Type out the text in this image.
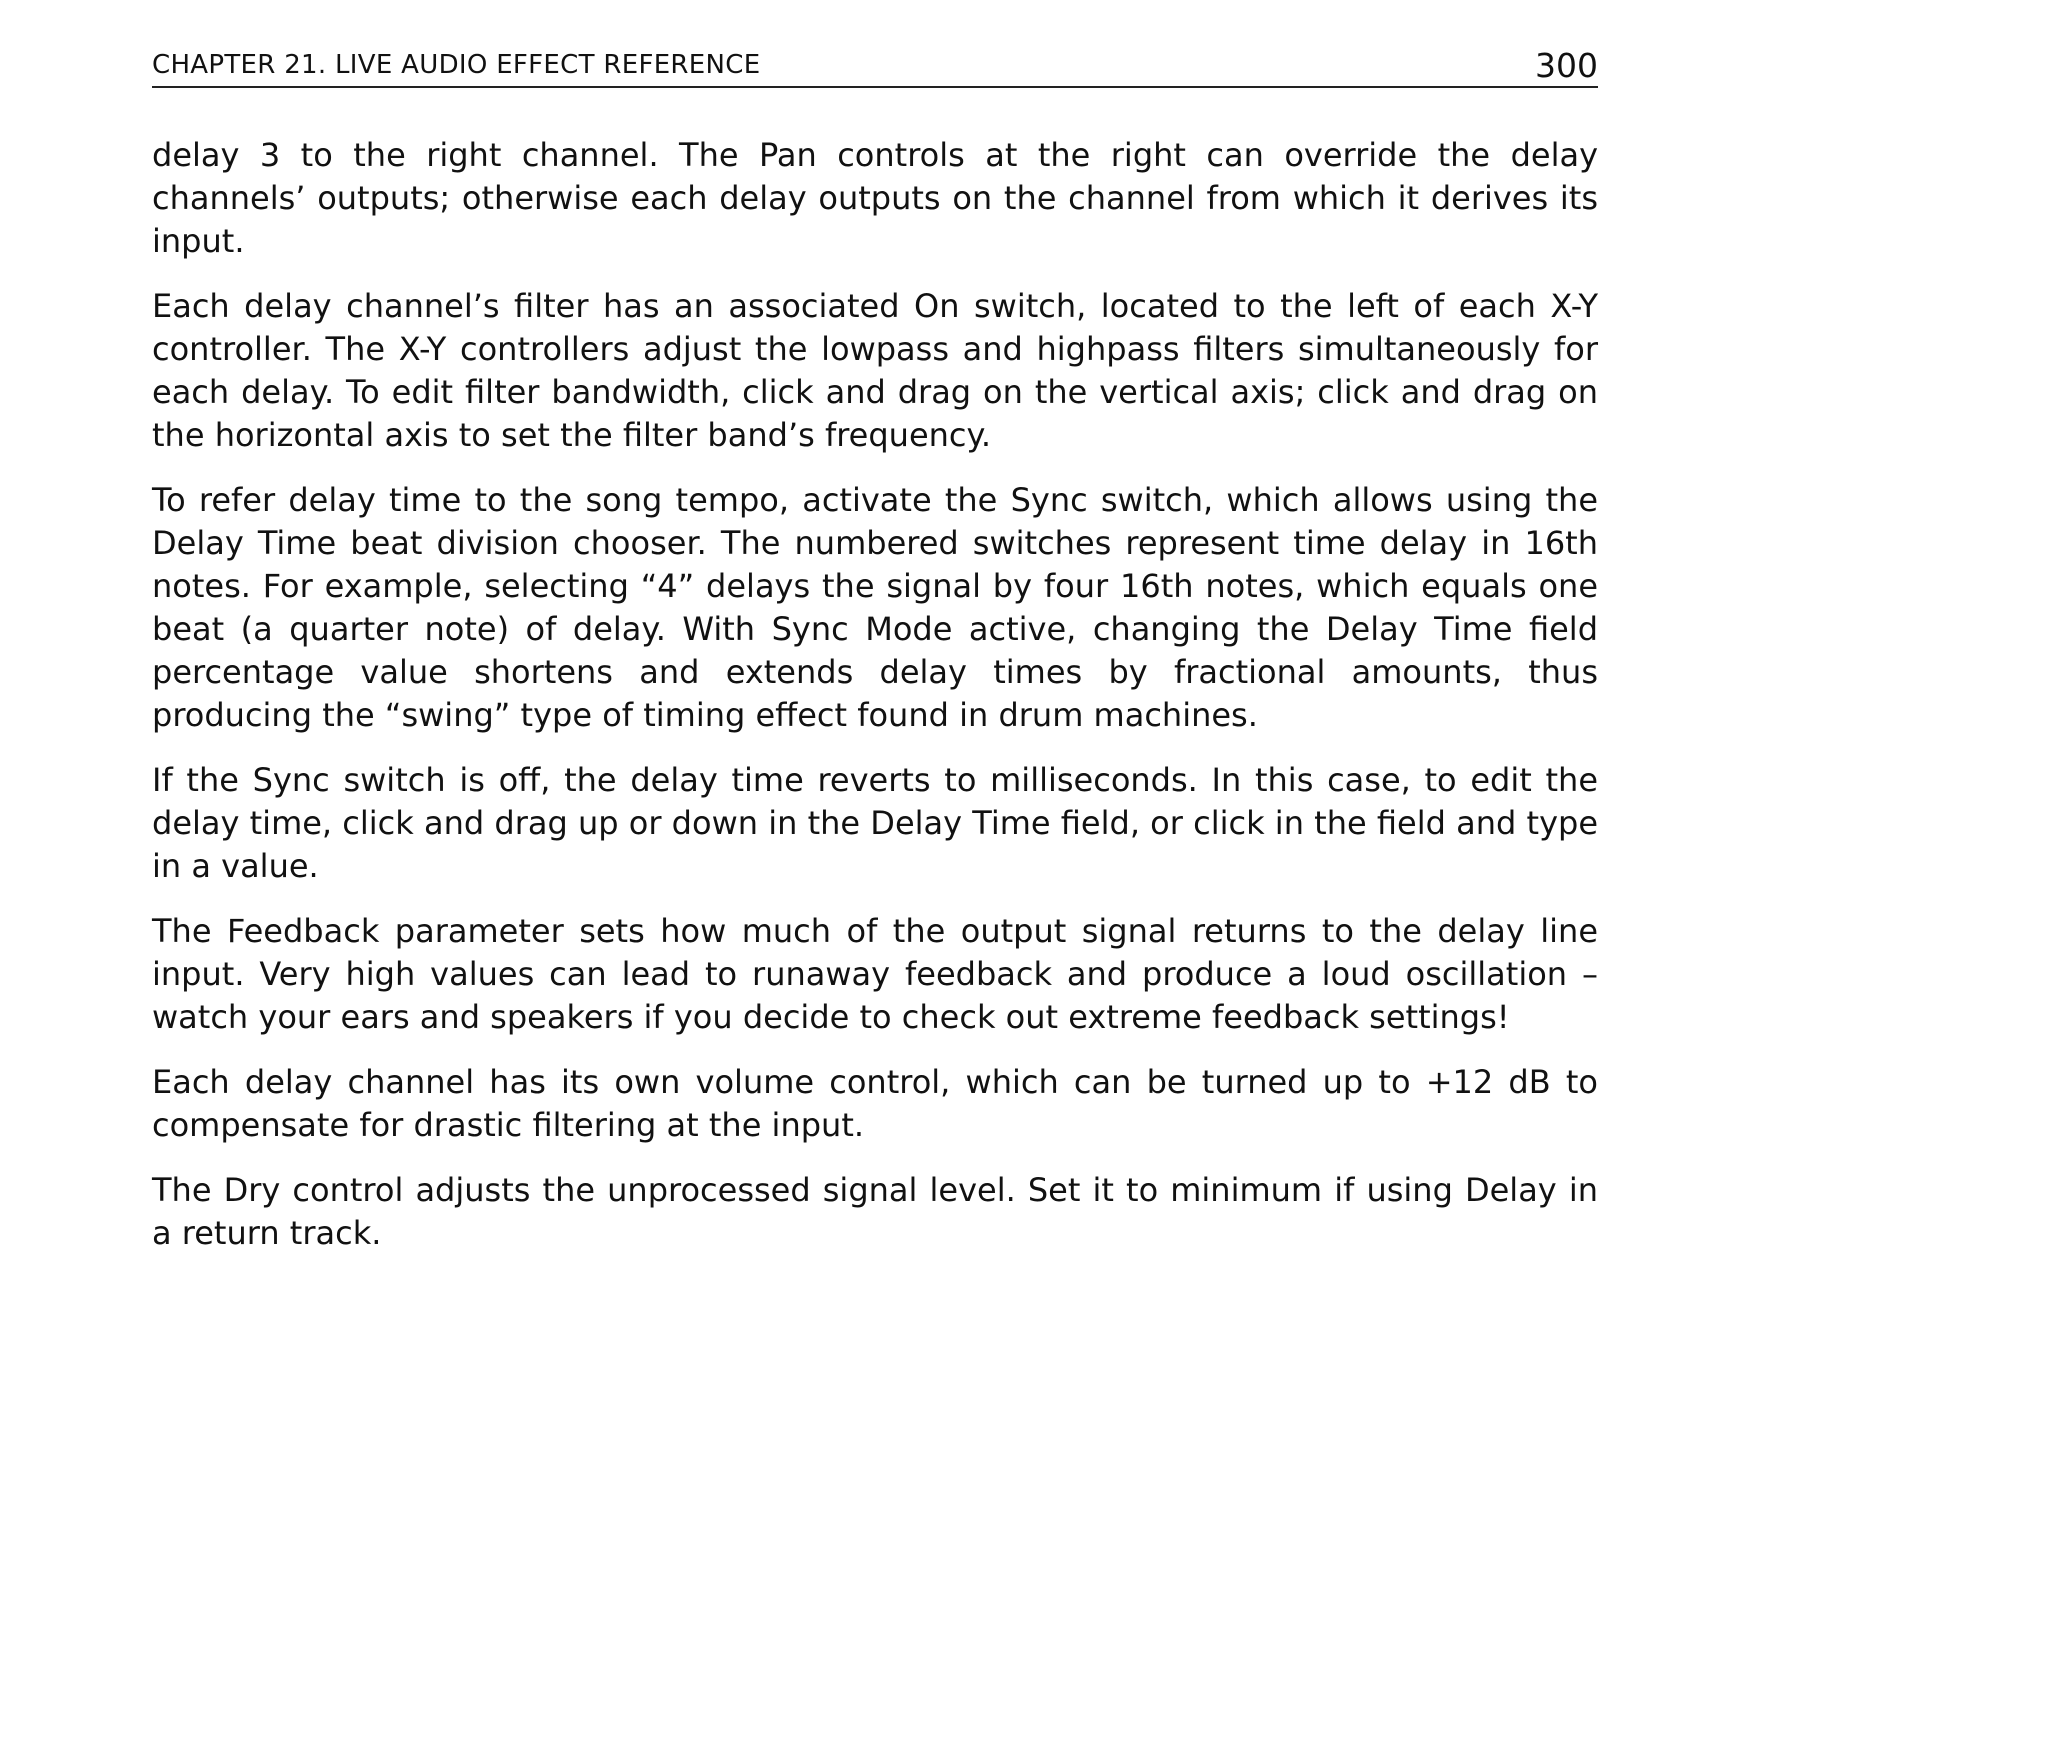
CHAPTER 21. LIVE AUDIO EFFECT REFERENCE	300

delay 3 to the right channel. The Pan controls at the right can override the delay channels’ outputs; otherwise each delay outputs on the channel from which it derives its input.

Each delay channel’s filter has an associated On switch, located to the left of each X-Y controller. The X-Y controllers adjust the lowpass and highpass filters simultaneously for each delay. To edit filter bandwidth, click and drag on the vertical axis; click and drag on the horizontal axis to set the filter band’s frequency.

To refer delay time to the song tempo, activate the Sync switch, which allows using the Delay Time beat division chooser. The numbered switches represent time delay in 16th notes. For example, selecting “4” delays the signal by four 16th notes, which equals one beat (a quarter note) of delay. With Sync Mode active, changing the Delay Time field percentage value shortens and extends delay times by fractional amounts, thus producing the “swing” type of timing effect found in drum machines.

If the Sync switch is off, the delay time reverts to milliseconds. In this case, to edit the delay time, click and drag up or down in the Delay Time field, or click in the field and type in a value.

The Feedback parameter sets how much of the output signal returns to the delay line input. Very high values can lead to runaway feedback and produce a loud oscillation – watch your ears and speakers if you decide to check out extreme feedback settings!

Each delay channel has its own volume control, which can be turned up to +12 dB to compensate for drastic filtering at the input.

The Dry control adjusts the unprocessed signal level. Set it to minimum if using Delay in a return track.
